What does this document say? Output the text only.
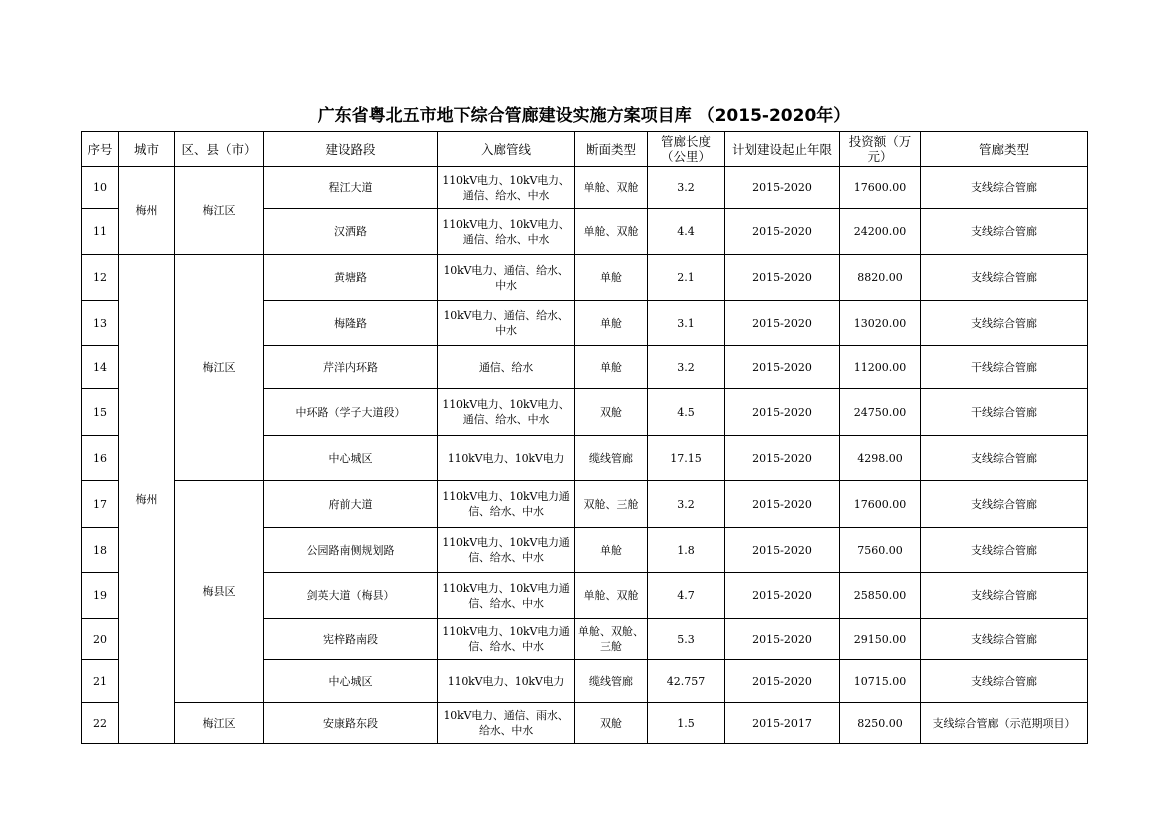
广东省粤北五市地下综合管廊建设实施方案项目库 （2015-2020年）
序号	城市	区、县（市）	建设路段	入廊管线	断面类型	管廊长度（公里）	计划建设起止年限	投资额（万元）	管廊类型
10	梅州	梅江区	程江大道	110kV电力、10kV电力、通信、给水、中水	单舱、双舱	3.2	2015-2020	17600.00	支线综合管廊
11			汉洒路	110kV电力、10kV电力、通信、给水、中水	单舱、双舱	4.4	2015-2020	24200.00	支线综合管廊
12	梅州	梅江区	黄塘路	10kV电力、通信、给水、中水	单舱	2.1	2015-2020	8820.00	支线综合管廊
13			梅隆路	10kV电力、通信、给水、中水	单舱	3.1	2015-2020	13020.00	支线综合管廊
14			芹洋内环路	通信、给水	单舱	3.2	2015-2020	11200.00	干线综合管廊
15			中环路（学子大道段）	110kV电力、10kV电力、通信、给水、中水	双舱	4.5	2015-2020	24750.00	干线综合管廊
16			中心城区	110kV电力、10kV电力	缆线管廊	17.15	2015-2020	4298.00	支线综合管廊
17		梅县区	府前大道	110kV电力、10kV电力通信、给水、中水	双舱、三舱	3.2	2015-2020	17600.00	支线综合管廊
18			公园路南侧规划路	110kV电力、10kV电力通信、给水、中水	单舱	1.8	2015-2020	7560.00	支线综合管廊
19			剑英大道（梅县）	110kV电力、10kV电力通信、给水、中水	单舱、双舱	4.7	2015-2020	25850.00	支线综合管廊
20			宪梓路南段	110kV电力、10kV电力通信、给水、中水	单舱、双舱、三舱	5.3	2015-2020	29150.00	支线综合管廊
21			中心城区	110kV电力、10kV电力	缆线管廊	42.757	2015-2020	10715.00	支线综合管廊
22		梅江区	安康路东段	10kV电力、通信、雨水、给水、中水	双舱	1.5	2015-2017	8250.00	支线综合管廊（示范期项目）
